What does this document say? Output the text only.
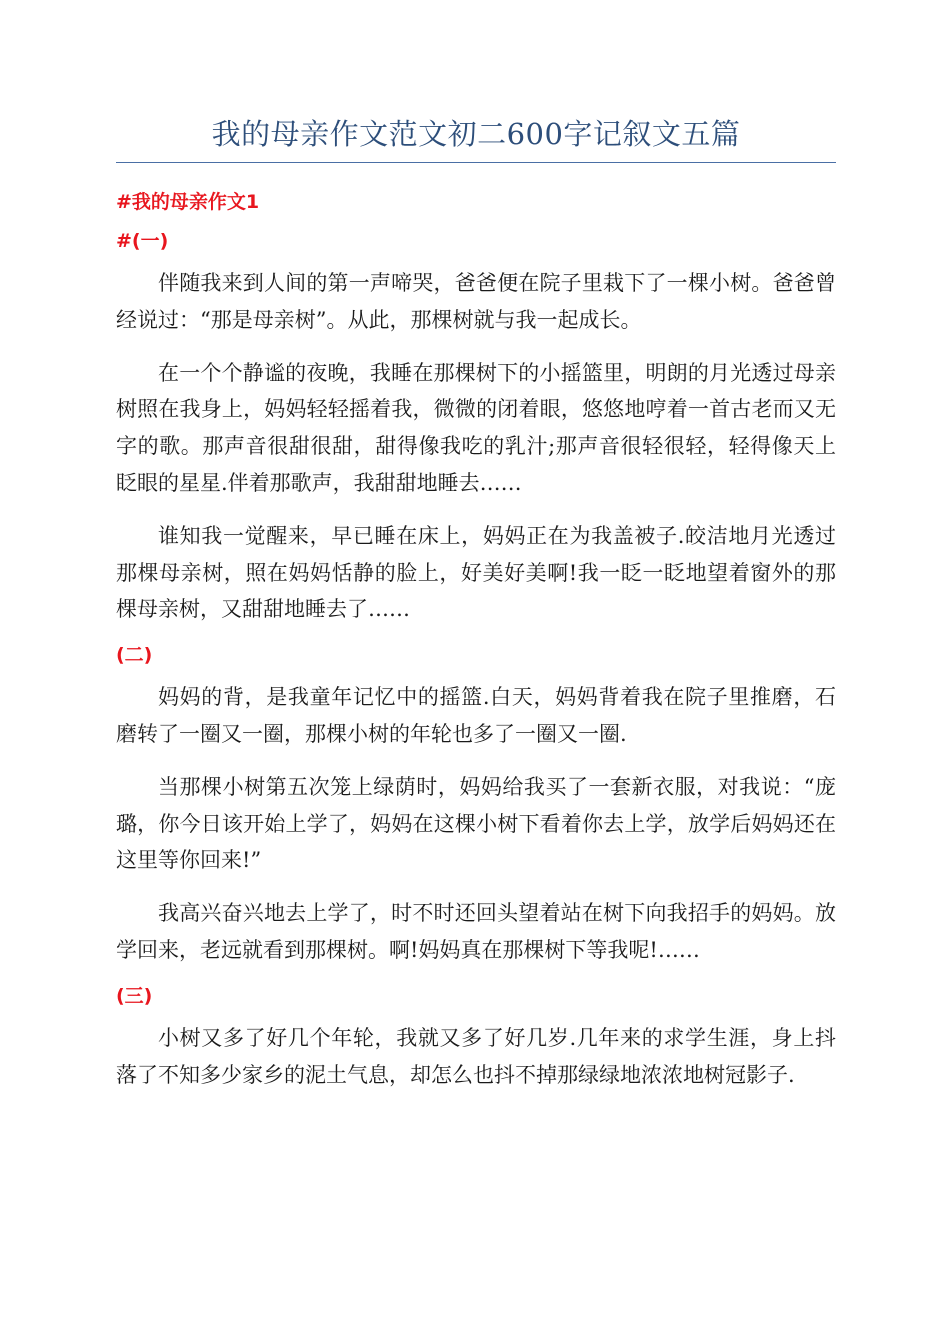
我的母亲作文范文初二600字记叙文五篇

#我的母亲作文1

#(一)

伴随我来到人间的第一声啼哭，爸爸便在院子里栽下了一棵小树。爸爸曾经说过：“那是母亲树”。从此，那棵树就与我一起成长。

在一个个静谧的夜晚，我睡在那棵树下的小摇篮里，明朗的月光透过母亲树照在我身上，妈妈轻轻摇着我，微微的闭着眼，悠悠地哼着一首古老而又无字的歌。那声音很甜很甜，甜得像我吃的乳汁;那声音很轻很轻，轻得像天上眨眼的星星.伴着那歌声，我甜甜地睡去……

谁知我一觉醒来，早已睡在床上，妈妈正在为我盖被子.皎洁地月光透过那棵母亲树，照在妈妈恬静的脸上，好美好美啊!我一眨一眨地望着窗外的那棵母亲树，又甜甜地睡去了……

(二)

妈妈的背，是我童年记忆中的摇篮.白天，妈妈背着我在院子里推磨，石磨转了一圈又一圈，那棵小树的年轮也多了一圈又一圈.

当那棵小树第五次笼上绿荫时，妈妈给我买了一套新衣服，对我说：“庞璐，你今日该开始上学了，妈妈在这棵小树下看着你去上学，放学后妈妈还在这里等你回来!”

我高兴奋兴地去上学了，时不时还回头望着站在树下向我招手的妈妈。放学回来，老远就看到那棵树。啊!妈妈真在那棵树下等我呢!……

(三)

小树又多了好几个年轮，我就又多了好几岁.几年来的求学生涯，身上抖落了不知多少家乡的泥土气息，却怎么也抖不掉那绿绿地浓浓地树冠影子.
